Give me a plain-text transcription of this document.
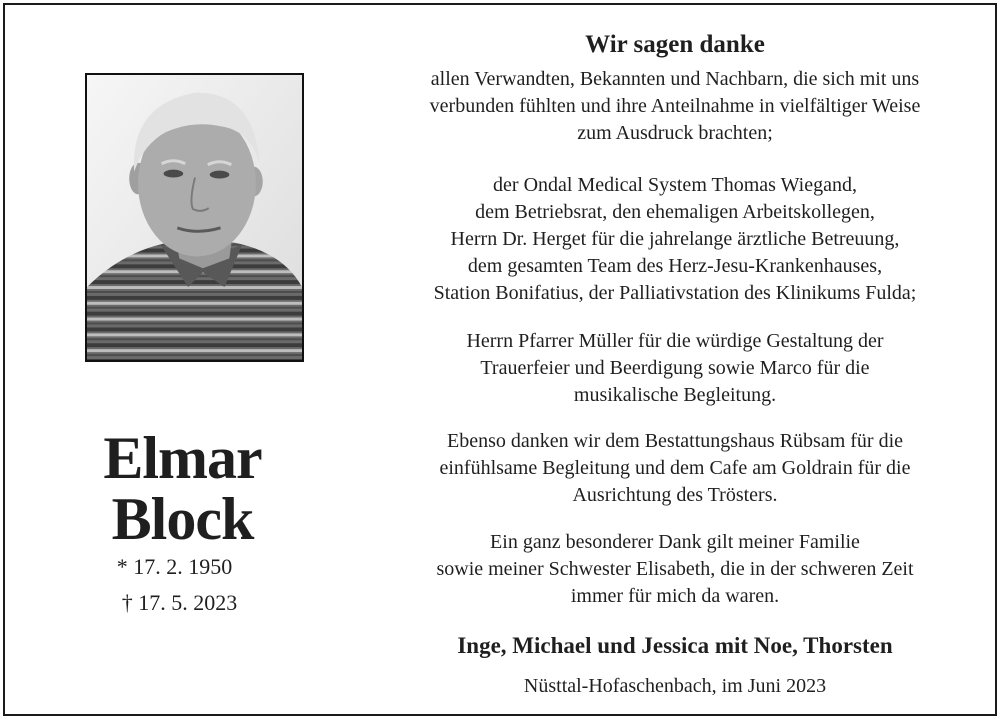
Elmar
Block
* 17. 2. 1950
† 17. 5. 2023
Wir sagen danke
allen Verwandten, Bekannten und Nachbarn, die sich mit uns
verbunden fühlten und ihre Anteilnahme in vielfältiger Weise
zum Ausdruck brachten;
der Ondal Medical System Thomas Wiegand,
dem Betriebsrat, den ehemaligen Arbeitskollegen,
Herrn Dr. Herget für die jahrelange ärztliche Betreuung,
dem gesamten Team des Herz-Jesu-Krankenhauses,
Station Bonifatius, der Palliativstation des Klinikums Fulda;
Herrn Pfarrer Müller für die würdige Gestaltung der
Trauerfeier und Beerdigung sowie Marco für die
musikalische Begleitung.
Ebenso danken wir dem Bestattungshaus Rübsam für die
einfühlsame Begleitung und dem Cafe am Goldrain für die
Ausrichtung des Trösters.
Ein ganz besonderer Dank gilt meiner Familie
sowie meiner Schwester Elisabeth, die in der schweren Zeit
immer für mich da waren.
Inge, Michael und Jessica mit Noe, Thorsten
Nüsttal-Hofaschenbach, im Juni 2023
